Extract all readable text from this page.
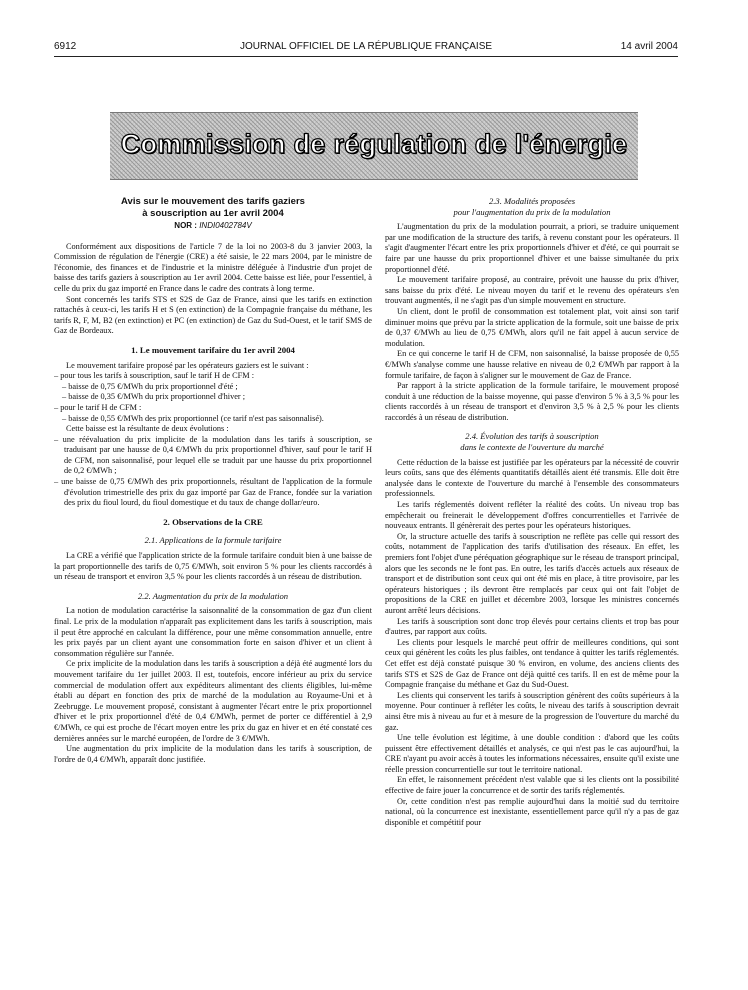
6912	JOURNAL OFFICIEL DE LA RÉPUBLIQUE FRANÇAISE	14 avril 2004
Commission de régulation de l'énergie
Avis sur le mouvement des tarifs gaziers
à souscription au 1er avril 2004
NOR : INDI0402784V

Conformément aux dispositions de l'article 7 de la loi no 2003-8 du 3 janvier 2003, la Commission de régulation de l'énergie (CRE) a été saisie, le 22 mars 2004, par le ministre de l'économie, des finances et de l'industrie et la ministre déléguée à l'industrie d'un projet de baisse des tarifs gaziers à souscription au 1er avril 2004. Cette baisse est liée, pour l'essentiel, à celle du prix du gaz importé en France dans le cadre des contrats à long terme.

Sont concernés les tarifs STS et S2S de Gaz de France, ainsi que les tarifs en extinction rattachés à ceux-ci, les tarifs H et S (en extinction) de la Compagnie française du méthane, les tarifs R, F, M, B2 (en extinction) et PC (en extinction) de Gaz du Sud-Ouest, et le tarif SMS de Gaz de Bordeaux.

1. Le mouvement tarifaire du 1er avril 2004

Le mouvement tarifaire proposé par les opérateurs gaziers est le suivant :

– pour tous les tarifs à souscription, sauf le tarif H de CFM :
– baisse de 0,75 €/MWh du prix proportionnel d'été ;
– baisse de 0,35 €/MWh du prix proportionnel d'hiver ;
– pour le tarif H de CFM :
– baisse de 0,55 €/MWh des prix proportionnel (ce tarif n'est pas saisonnalisé).

Cette baisse est la résultante de deux évolutions :

– une réévaluation du prix implicite de la modulation dans les tarifs à souscription, se traduisant par une hausse de 0,4 €/MWh du prix proportionnel d'hiver, sauf pour le tarif H de CFM, non saisonnalisé, pour lequel elle se traduit par une hausse du prix proportionnel de 0,2 €/MWh ;
– une baisse de 0,75 €/MWh des prix proportionnels, résultant de l'application de la formule d'évolution trimestrielle des prix du gaz importé par Gaz de France, fondée sur la variation des prix du fioul lourd, du fioul domestique et du taux de change dollar/euro.
2. Observations de la CRE
2.1. Applications de la formule tarifaire

La CRE a vérifié que l'application stricte de la formule tarifaire conduit bien à une baisse de la part proportionnelle des tarifs de 0,75 €/MWh, soit environ 5 % pour les clients raccordés à un réseau de transport et environ 3,5 % pour les clients raccordés à un réseau de distribution.

2.2. Augmentation du prix de la modulation

La notion de modulation caractérise la saisonnalité de la consommation de gaz d'un client final. Le prix de la modulation n'apparaît pas explicitement dans les tarifs à souscription, mais il peut être approché en calculant la différence, pour une même consommation annuelle, entre les prix payés par un client ayant une consommation forte en saison d'hiver et un client à consommation régulière sur l'année.

Ce prix implicite de la modulation dans les tarifs à souscription a déjà été augmenté lors du mouvement tarifaire du 1er juillet 2003. Il est, toutefois, encore inférieur au prix du service commercial de modulation offert aux expéditeurs alimentant des clients éligibles, lui-même établi au départ en fonction des prix de marché de la modulation au Royaume-Uni et à Zeebrugge. Le mouvement proposé, consistant à augmenter l'écart entre le prix proportionnel d'hiver et le prix proportionnel d'été de 0,4 €/MWh, permet de porter ce différentiel à 2,9 €/MWh, ce qui est proche de l'écart moyen entre les prix du gaz en hiver et en été constaté ces dernières années sur le marché européen, de l'ordre de 3 €/MWh.

Une augmentation du prix implicite de la modulation dans les tarifs à souscription, de l'ordre de 0,4 €/MWh, apparaît donc justifiée.

2.3. Modalités proposées
pour l'augmentation du prix de la modulation

L'augmentation du prix de la modulation pourrait, a priori, se traduire uniquement par une modification de la structure des tarifs, à revenu constant pour les opérateurs. Il s'agit d'augmenter l'écart entre les prix proportionnels d'hiver et d'été, ce qui pourrait se faire par une hausse du prix proportionnel d'hiver et une baisse simultanée du prix proportionnel d'été.

Le mouvement tarifaire proposé, au contraire, prévoit une hausse du prix d'hiver, sans baisse du prix d'été. Le niveau moyen du tarif et le revenu des opérateurs s'en trouvant augmentés, il ne s'agit pas d'un simple mouvement en structure.

Un client, dont le profil de consommation est totalement plat, voit ainsi son tarif diminuer moins que prévu par la stricte application de la formule, soit une baisse de prix de 0,37 €/MWh au lieu de 0,75 €/MWh, alors qu'il ne fait appel à aucun service de modulation.

En ce qui concerne le tarif H de CFM, non saisonnalisé, la baisse proposée de 0,55 €/MWh s'analyse comme une hausse relative en niveau de 0,2 €/MWh par rapport à la formule tarifaire, de façon à s'aligner sur le mouvement de Gaz de France.

Par rapport à la stricte application de la formule tarifaire, le mouvement proposé conduit à une réduction de la baisse moyenne, qui passe d'environ 5 % à 3,5 % pour les clients raccordés à un réseau de transport et d'environ 3,5 % à 2,5 % pour les clients raccordés à un réseau de distribution.

2.4. Évolution des tarifs à souscription
dans le contexte de l'ouverture du marché

Cette réduction de la baisse est justifiée par les opérateurs par la nécessité de couvrir leurs coûts, sans que des éléments quantitatifs détaillés aient été transmis. Elle doit être analysée dans le contexte de l'ouverture du marché à l'ensemble des consommateurs professionnels.

Les tarifs réglementés doivent refléter la réalité des coûts. Un niveau trop bas empêcherait ou freinerait le développement d'offres concurrentielles et l'arrivée de nouveaux entrants. Il génèrerait des pertes pour les opérateurs historiques.

Or, la structure actuelle des tarifs à souscription ne reflète pas celle qui ressort des coûts, notamment de l'application des tarifs d'utilisation des réseaux. En effet, les premiers font l'objet d'une péréquation géographique sur le réseau de transport principal, alors que les seconds ne le font pas. En outre, les tarifs d'accès actuels aux réseaux de transport et de distribution sont ceux qui ont été mis en place, à titre provisoire, par les opérateurs historiques ; ils devront être remplacés par ceux qui ont fait l'objet de propositions de la CRE en juillet et décembre 2003, lorsque les ministres concernés auront arrêté leurs décisions.

Les tarifs à souscription sont donc trop élevés pour certains clients et trop bas pour d'autres, par rapport aux coûts.

Les clients pour lesquels le marché peut offrir de meilleures conditions, qui sont ceux qui génèrent les coûts les plus faibles, ont tendance à quitter les tarifs réglementés. Cet effet est déjà constaté puisque 30 % environ, en volume, des anciens clients des tarifs STS et S2S de Gaz de France ont déjà quitté ces tarifs. Il en est de même pour la Compagnie française du méthane et Gaz du Sud-Ouest.

Les clients qui conservent les tarifs à souscription génèrent des coûts supérieurs à la moyenne. Pour continuer à refléter les coûts, le niveau des tarifs à souscription devrait ainsi être mis à niveau au fur et à mesure de la progression de l'ouverture du marché du gaz.

Une telle évolution est légitime, à une double condition : d'abord que les coûts puissent être effectivement détaillés et analysés, ce qui n'est pas le cas aujourd'hui, la CRE n'ayant pu avoir accès à toutes les informations nécessaires, ensuite qu'il existe une réelle pression concurrentielle sur tout le territoire national.

En effet, le raisonnement précédent n'est valable que si les clients ont la possibilité effective de faire jouer la concurrence et de sortir des tarifs réglementés.

Or, cette condition n'est pas remplie aujourd'hui dans la moitié sud du territoire national, où la concurrence est inexistante, essentiellement parce qu'il n'y a pas de gaz disponible et compétitif pour
